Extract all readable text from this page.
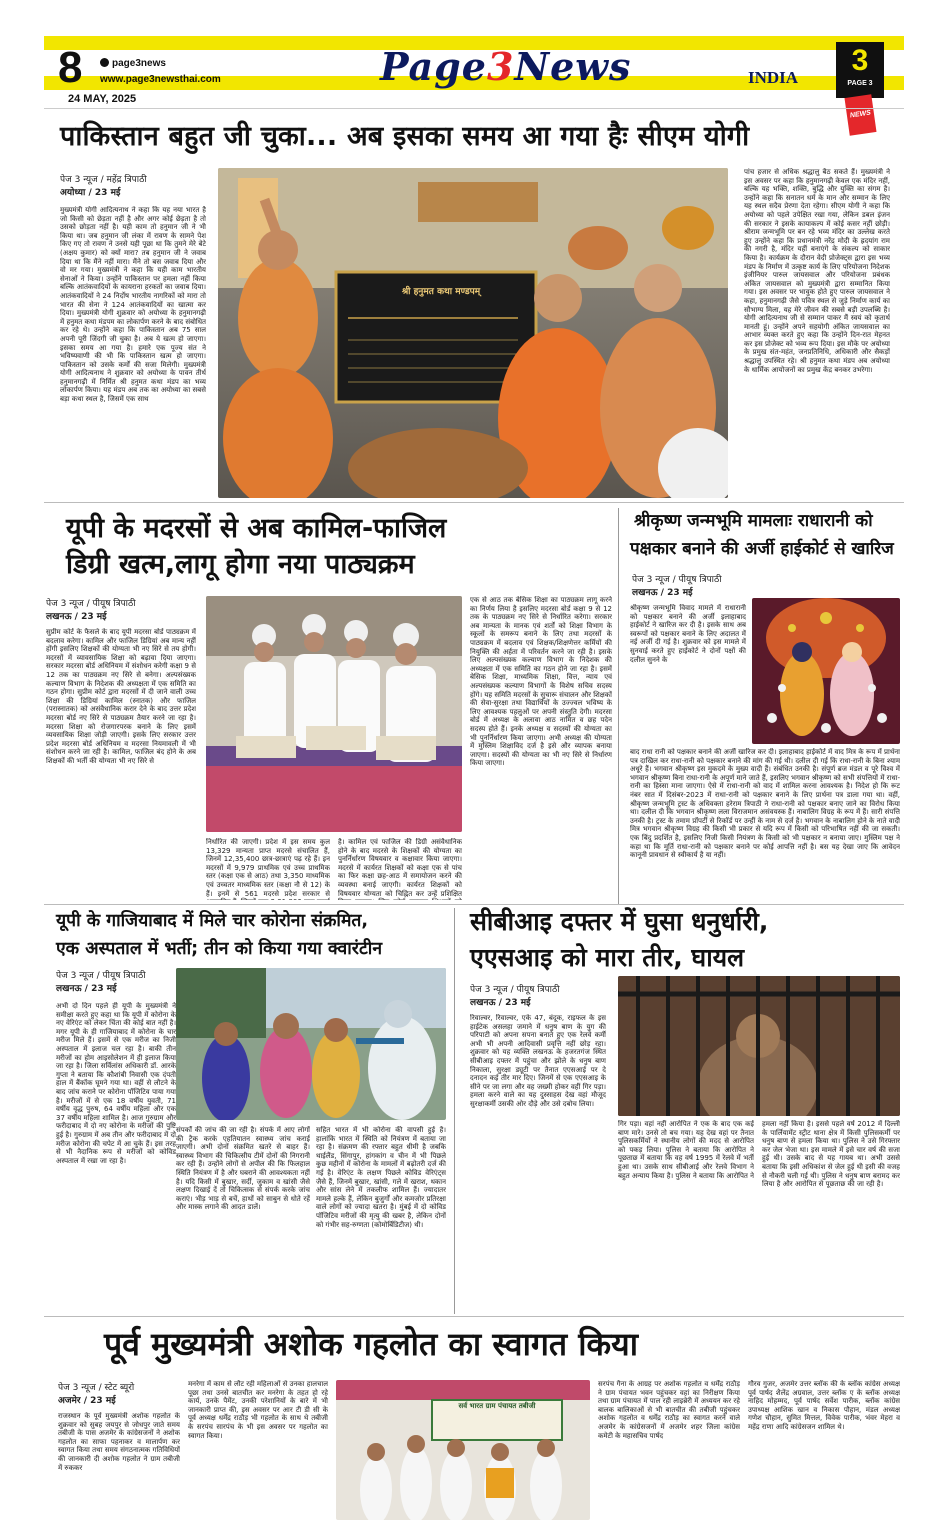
8	page3news
www.page3newsthai.com	Page3News	INDIA
3
PAGE 3
NEWS
24 MAY, 2025
पाकिस्तान बहुत जी चुका... अब इसका समय आ गया हैः सीएम योगी
पेज 3 न्यूज / महेंद्र त्रिपाठी
अयोध्या / 23 मई
मुख्यमंत्री योगी आदित्यनाथ ने कहा कि यह नया भारत है जो किसी को छेड़ता नहीं है और अगर कोई छेड़ता है तो उसको छोड़ता नहीं है। यही काम तो हनुमान जी ने भी किया था। जब हनुमान जी लंका में रावण के सामने पेश किए गए तो रावण ने उनसे यही पूछा था कि तुमने मेरे बेटे (अक्षय कुमार) को क्यों मारा? तब हनुमान जी ने जवाब दिया था कि मैंने नहीं मारा। मैंने तो बस जवाब दिया और वो मर गया। मुख्यमंत्री ने कहा कि यही काम भारतीय सेनाओं ने किया। उन्होंने पाकिस्तान पर हमला नहीं किया बल्कि आतंकवादियों के कायराना हरकतों का जवाब दिया। आतंकवादियों ने 24 निर्दोष भारतीय नागरिकों को मारा तो भारत की सेना ने 124 आतंकवादियों का खात्मा कर दिया। मुख्यमंत्री योगी शुक्रवार को अयोध्या के हनुमानगढ़ी में हनुमत कथा मंडपम का लोकार्पण करने के बाद संबोधित कर रहे थे। उन्होंने कहा कि पाकिस्तान अब 75 साल अपनी पूरी जिंदगी जी चुका है। अब ये खत्म हो जाएगा। इसका समय आ गया है। हमारे एक पूज्य संत ने भविष्यवाणी की भी कि पाकिस्तान खत्म हो जाएगा। पाकिस्तान को उसके कर्मों की सजा मिलेगी। मुख्यमंत्री योगी आदित्यनाथ ने शुक्रवार को अयोध्या के पावन तीर्थ हनुमानगढ़ी में निर्मित श्री हनुमत कथा मंडप का भव्य लोकार्पण किया। यह मंडप अब तक का अयोध्या का सबसे बड़ा कथा स्थल है, जिसमें एक साथ
श्री हनुमत कथा मण्डपम्
पांच हजार से अधिक श्रद्धालु बैठ सकते हैं। मुख्यमंत्री ने इस अवसर पर कहा कि हनुमानगढ़ी केवल एक मंदिर नहीं, बल्कि यह भक्ति, शक्ति, बुद्धि और युक्ति का संगम है। उन्होंने कहा कि सनातन धर्म के मान और सम्मान के लिए यह स्थल सदैव प्रेरणा देता रहेगा। सीएम योगी ने कहा कि अयोध्या को पहले उपेक्षित रखा गया, लेकिन डबल इंजन की सरकार ने इसके कायाकल्प में कोई कसर नहीं छोड़ी। श्रीराम जन्मभूमि पर बन रहे भव्य मंदिर का उल्लेख करते हुए उन्होंने कहा कि प्रधानमंत्री नरेंद्र मोदी के ह्रदयांग राम की नगरी है, मंदिर यहीं बनाएंगे के संकल्प को साकार किया है। कार्यक्रम के दौरान वेदी प्रोजेक्ट्स द्वारा इस भव्य मंडप के निर्माण में उत्कृष्ट कार्य के लिए परियोजना निदेशक इंजीनियर पारुल जायसवाल और परियोजना प्रबंधक अंकित जायसवाल को मुख्यमंत्री द्वारा सम्मानित किया गया। इस अवसर पर भावुक होते हुए पारुल जायसवाल ने कहा, हनुमानगढ़ी जैसे पवित्र स्थल से जुड़े निर्माण कार्य का सौभाग्य मिला, यह मेरे जीवन की सबसे बड़ी उपलब्धि है। योगी आदित्यनाथ जी से सम्मान पाकर मैं स्वयं को कृतार्थ मानती हूं। उन्होंने अपने सहयोगी अंकित जायसवाल का आभार व्यक्त करते हुए कहा कि उन्होंने दिन-रात मेहनत कर इस प्रोजेक्ट को भव्य रूप दिया। इस मौके पर अयोध्या के प्रमुख संत-महंत, जनप्रतिनिधि, अधिकारी और सैकड़ों श्रद्धालु उपस्थित रहे। श्री हनुमत कथा मंडप अब अयोध्या के धार्मिक आयोजनों का प्रमुख केंद्र बनकर उभरेगा।
यूपी के मदरसों से अब कामिल-फाजिल
डिग्री खत्म,लागू होगा नया पाठ्यक्रम
पेज 3 न्यूज / पीयूष त्रिपाठी
लखनऊ / 23 मई
सुप्रीम कोर्ट के फैसले के बाद यूपी मदरसा बोर्ड पाठ्यक्रम में बदलाव करेगा। कामिल और फाजिल डिग्रियां अब मान्य नहीं होंगी इसलिए शिक्षकों की योग्यता भी नए सिरे से तय होगी। मदरसों में व्यावसायिक शिक्षा को बढ़ावा दिया जाएगा। सरकार मदरसा बोर्ड अधिनियम में संशोधन करेगी कक्षा 9 से 12 तक का पाठ्यक्रम नए सिरे से बनेगा। अल्पसंख्यक कल्याण विभाग के निदेशक की अध्यक्षता में एक समिति का गठन होगा। सुप्रीम कोर्ट द्वारा मदरसों में दी जाने वाली उच्च शिक्षा की डिग्रियां कामिल (स्नातक) और फाजिल (परास्नातक) को असंवैधानिक करार देने के बाद उत्तर प्रदेश मदरसा बोर्ड नए सिरे से पाठ्यक्रम तैयार करने जा रहा है। मदरसा शिक्षा को रोजगारपरक बनाने के लिए इसमें व्यवसायिक शिक्षा जोड़ी जाएगी। इसके लिए सरकार उत्तर प्रदेश मदरसा बोर्ड अधिनियम व मदरसा नियमावली में भी संशोधन करने जा रही है। कामिल, फाजिल बंद होने के अब शिक्षकों की भर्ती की योग्यता भी नए सिरे से
निर्धारित की जाएगी। प्रदेश में इस समय कुल 13,329 मान्यता प्राप्त मदरसे संचालित हैं, जिनमें 12,35,400 छात्र-छात्राएं पढ़ रहे हैं। इन मदरसों में 9,979 प्राथमिक एवं उच्च प्राथमिक स्तर (कक्षा एक से आठ) तथा 3,350 माध्यमिक एवं उच्चतर माध्यमिक स्तर (कक्षा नौ से 12) के हैं। इनमें से 561 मदरसे प्रदेश सरकार से
है। कामिल एवं फाजिल की डिग्री असंवैधानिक होने के बाद मदरसे के शिक्षकों की योग्यता का पुनर्निर्धारण विषयवार व कक्षावार किया जाएगा। मदरसे में कार्यरत शिक्षकों को कक्षा एक से पांच का फिर कक्षा छह-आठ में समायोजन करने की व्यवस्था बनाई जाएगी। कार्यरत शिक्षकों को विषयवार योग्यता को चिह्नित कर उन्हें प्रशिक्षित
एक से आठ तक बेसिक शिक्षा का पाठ्यक्रम लागू करने का निर्णय लिया है इसलिए मदरसा बोर्ड कक्षा 9 से 12 तक के पाठ्यक्रम नए सिरे से निर्धारित करेगा। सरकार अब मान्यता के मानक एवं शर्तों को शिक्षा विभाग के स्कूलों के समरूप बनाने के लिए तथा मदरसों के पाठ्यक्रम में बदलाव एवं शिक्षक/शिक्षणेत्तर कर्मियों की नियुक्ति की अर्हता में परिवर्तन करने जा रही है। इसके लिए अल्पसंख्यक कल्याण विभाग के निदेशक की अध्यक्षता में एक समिति का गठन होने जा रहा है। इसमें बेसिक शिक्षा, माध्यमिक शिक्षा, वित्त, न्याय एवं अल्पसंख्यक कल्याण विभागों के विशेष सचिव सदस्य होंगे। यह समिति मदरसों के सुचारू संचालन और शिक्षकों की सेवा-सुरक्षा तथा विद्यार्थियों के उज्ज्वल भविष्य के लिए आवश्यक पहलुओं पर अपनी संस्तुति देगी। मदरसा बोर्ड में अध्यक्ष के अलावा आठ नामित व छह पदेन सदस्य होते हैं। इनके अध्यक्ष व सदस्यों की योग्यता का भी पुनर्निर्धारण किया जाएगा। अभी अध्यक्ष की योग्यता में मुस्लिम शिक्षाविद दर्ज है इसे और व्यापक बनाया जाएगा। सदस्यों की योग्यता का भी नए सिरे से निर्धारण किया जाएगा।
श्रीकृष्ण जन्मभूमि मामलाः राधारानी को
पक्षकार बनाने की अर्जी हाईकोर्ट से खारिज
पेज 3 न्यूज / पीयूष त्रिपाठी
लखनऊ / 23 मई
श्रीकृष्ण जन्मभूमि विवाद मामले में राधारानी को पक्षकार बनाने की अर्जी इलाहाबाद हाईकोर्ट ने खारिज कर दी है। इसके साथ अब स्वरूपों को पक्षकार बनाने के लिए अदालत में नई अर्जी दी गई है। शुक्रवार को इस मामले में सुनवाई करते हुए हाईकोर्ट ने दोनों पक्षों की दलील सुनने के
बाद राधा रानी को पक्षकार बनाने की अर्जी खारिज कर दी। इलाहाबाद हाईकोर्ट में वाद मित्र के रूप में प्रार्थना पत्र दाखिल कर राधा-रानी को पक्षकार बनाने की मांग की गई थी। दलील दी गई कि राधा-रानी के बिना श्याम अधूरे हैं। भगवान श्रीकृष्ण इस मुकदमे के मुख्य वादी हैं। संबंधित उनकी है। संपूर्ण ब्रज मंडल व पूरे विश्व में भगवान श्रीकृष्ण बिना राधा-रानी के अपूर्ण माने जाते हैं, इसलिए भगवान श्रीकृष्ण को सभी संपत्तियों में राधा-रानी का हिस्सा माना जाएगा। ऐसे में राधा-रानी को वाद में शामिल करना आवश्यक है। निदेश हो कि रूट नंबर सात में दिसंबर-2023 में राधा-रानी को पक्षकार बनाने के लिए प्रार्थना पत्र डाला गया था। वहीं, श्रीकृष्ण जन्मभूमि ट्रस्ट के अधिवक्ता हरेराम त्रिपाठी ने राधा-रानी को पक्षकार बनाए जाने का विरोध किया था। दलील दी कि भगवान श्रीकृष्ण लला विराजमान असंवयस्क हैं। नाबालिग विग्रह के रूप में हैं। सारी संपत्ति उनकी है। ट्रस्ट के तमाम प्रॉपर्टी से रिकॉर्ड पर उन्हीं के नाम से दर्ज है। भगवान के नाबालिग होने के नाते वादी मित्र भगवान श्रीकृष्ण विग्रह की किसी भी प्रकार से यदि रूप में किसी को परिभाषित नहीं की जा सकती। एक बिंदु प्रदर्शित है, इसलिए निजी किसी नियंत्रण के किसी को भी पक्षकार न बनाया जाए। मुस्लिम पक्ष ने कहा था कि मूर्ति राधा-रानी को पक्षकार बनाने पर कोई आपत्ति नहीं है। बस यह देखा जाए कि आवेदन कानूनी प्रावधान से स्वीकार्य है या नहीं।
यूपी के गाजियाबाद में मिले चार कोरोना संक्रमित,
एक अस्पताल में भर्ती; तीन को किया गया क्वारंटीन
पेज 3 न्यूज / पीयूष त्रिपाठी
लखनऊ / 23 मई
अभी दो दिन पहले ही यूपी के मुख्यमंत्री ने समीक्षा करते हुए कहा था कि यूपी में कोरोना के नए वेरिएंट को लेकर चिंता की कोई बात नहीं है। मगर यूपी के ही गाजियाबाद में कोरोना के चार मरीज मिले हैं। इसमें से एक मरीज का निजी अस्पताल में इलाज चल रहा है। बाकी तीन मरीजों का होम आइसोलेशन में ही इलाज किया जा रहा है। जिला सर्विलांस अधिकारी डॉ. आरके गुप्ता ने बताया कि कौशांबी निवासी एक दंपती हाल में बैंकॉक घूमने गया था। वहीं से लौटने के बाद जांच कराने पर कोरोना पॉजिटिव पाया गया है। मरीजों में से एक 18 वर्षीय युवती, 71 वर्षीय वृद्ध पुरुष, 64 वर्षीय महिला और एक 37 वर्षीय महिला शामिल है। आज गुरुग्राम और फरीदाबाद में दो नए कोरोना के मरीजों की पुष्टि हुई है। गुरुग्राम में अब तीन और फरीदाबाद में दो मरीज कोरोना की चपेट में आ चुके हैं। इस तरह से भी नैदानिक रूप से मरीजों को कोविड अस्पताल में रखा जा रहा है।
संपर्कों की जांच की जा रही है। संपर्क में आए लोगों की ट्रैक करके एहतियातन स्वास्थ्य जांच कराई जाएगी। अभी दोनों संक्रमित खतरे से बाहर हैं। स्वास्थ्य विभाग की चिकित्सीय टीमें दोनों की निगरानी कर रही हैं। उन्होंने लोगों से अपील की कि फिलहाल स्थिति नियंत्रण में है और घबराने की आवश्यकता नहीं है। यदि किसी में बुखार, सर्दी, जुकाम व खांसी जैसे लक्षण दिखाई दें तो चिकित्सक से संपर्क करके जांच कराएं। भीड़ भाड़ से बचें, हाथों को साबुन से धोते रहें और मास्क लगाने की आदत डालें।
सहित भारत में भी कोरोना की वापसी हुई है। हालांकि भारत में स्थिति को नियंत्रण में बताया जा रहा है। संक्रमण की रफ्तार बहुत धीमी है जबकि थाईलैंड, सिंगापुर, हांगकांग व चीन में भी पिछले कुछ महीनों में कोरोना के मामलों में बढ़ोतरी दर्ज की गई है। वेरिएंट के लक्षण पिछले कोविड वेरिएंट्स जैसे हैं, जिनमें बुखार, खांसी, गले में खराश, थकान और सांस लेने में तकलीफ शामिल हैं। ज्यादातर मामले हल्के हैं, लेकिन बुजुर्गों और कमजोर प्रतिरक्षा वाले लोगों को ज्यादा खतरा है। मुंबई में दो कोविड पॉजिटिव मरीजों की मृत्यु की खबर है, लेकिन दोनों को गंभीर सह-रुग्णता (कोमोर्बिडिटीज) थी।
सीबीआइ दफ्तर में घुसा धनुर्धारी,
एएसआइ को मारा तीर, घायल
पेज 3 न्यूज / पीयूष त्रिपाठी
लखनऊ / 23 मई
रिवाल्वर, रिवाल्वर, एके 47, बंदूक, राइफल के इस हाईटेक असलहा जमाने में धनुष बाण के युग की परिपाटी को अपना सपना बनाते हुए एक रेलवे कर्मी अभी भी अपनी आदिवासी प्रवृत्ति नहीं छोड़ रहा। शुक्रवार को यह व्यक्ति लखनऊ के हजरतगंज स्थित सीबीआइ दफ्तर में पहुंचा और झोले के धनुष बाण निकाला, सुरक्षा ड्यूटी पर तैनात एएसआई पर दे दनादन कई तीर मार दिए। जिनमें से एक एएसआइ के सीने पर जा लगा और वह जख्मी होकर वहीं गिर पड़ा। हमला करने वाले का यह दुस्साहस देख वहां मौजूद सुरक्षाकर्मी उसकी ओर दौड़े और उसे दबोच लिया।
गिर पड़ा। वहां नहीं आरोपित ने एक के बाद एक कई बाण मारे। उनसे तो बच गया। यह देख वहां पर तैनात पुलिसकर्मियों ने स्थानीय लोगों की मदद से आरोपित को पकड़ लिया। पुलिस ने बताया कि आरोपित ने पूछताछ में बताया कि वह वर्ष 1995 में रेलवे में भर्ती हुआ था। उसके साथ सीबीआई और रेलवे विभाग ने बहुत अन्याय किया है। पुलिस ने बताया कि आरोपित ने
हमला नहीं किया है। इससे पहले वर्ष 2012 में दिल्ली के पार्लियामेंट स्ट्रीट थाना क्षेत्र में किसी पुलिसकर्मी पर धनुष बाण से हमला किया था। पुलिस ने उसे गिरफ्तार कर जेल भेजा था। इस मामले में इसे चार वर्ष की सजा हुई थी। उसके बाद से यह गायब था। अभी उससे बताया कि इसी अधिकांश से जेल हुई थी इसी की वजह से नौकरी चली गई थी। पुलिस ने धनुष बाण बरामद कर लिया है और आरोपित से पूछताछ की जा रही है।
पूर्व मुख्यमंत्री अशोक गहलोत का स्वागत किया
पेज 3 न्यूज / स्टेट ब्यूरो
अजमेर / 23 मई
राजस्थान के पूर्व मुख्यमंत्री अशोक गहलोत के शुक्रवार को सुबह जयपुर से जोधपुर जाते समय तबीजी के पास अजमेर के कांग्रेसजनों ने अशोक गहलोत का साफा पहनाकर व मालार्पण कर स्वागत किया तथा समय संगठनात्मक गतिविधियों की जानकारी दी अशोक गहलोत ने ग्राम तबीजी में रुककर
मनरेगा में काम से लौट रही महिलाओं से उनका हालचाल पूछा तथा उनसे बातचीत कर मनरेगा के तहत हो रहे कार्य, उनके पैमेंट, उनकी परेशानियों के बारे में भी जानकारी प्राप्त की, इस अवसर पर आर टी डी सी के पूर्व अध्यक्ष धर्मेंद्र राठौड़ भी गहलोत के साथ थे तबीजी के सरपंच सारपंच के भी इस अवसर पर गहलोत का स्वागत किया।
सर्व भारत ग्राम पंचायत तबीजी
सरपंच गैना के आग्रह पर अशोक गहलोत व धर्मेंद्र राठौड़ ने ग्राम पंचायत भवन पहुंचकर वहां का निरीक्षण किया तथा ग्राम पंचायत में पाल रही लाइब्रेरी में अध्ययन कर रहे बालक बालिकाओं से भी बातचीत की तबीजी पहुंचकर अशोक गहलोत व धर्मेंद्र राठौड़ का स्वागत करने वाले अजमेर के कांग्रेसजनों में अजमेर शहर जिला कांग्रेस कमेटी के महासचिव पार्षद
गौरव गुजर, अजमेर उत्तर ब्लॉक की के ब्लॉक कांग्रेस अध्यक्ष पूर्व पार्षद शैलेंद्र अग्रवाल, उत्तर ब्लॉक ए के ब्लॉक अध्यक्ष नाहिद मोहम्मद, पूर्व पार्षद सर्वेश पारीक, ब्लॉक कांग्रेस उपाध्यक्ष आशिक खान व निकास पौहान, मंडल अध्यक्ष गणेश चौहान, सुमित मित्तल, विवेक पारीक, भंवर मेहरा व महेंद्र राणा आदि कांग्रेसजन शामिल थे।
